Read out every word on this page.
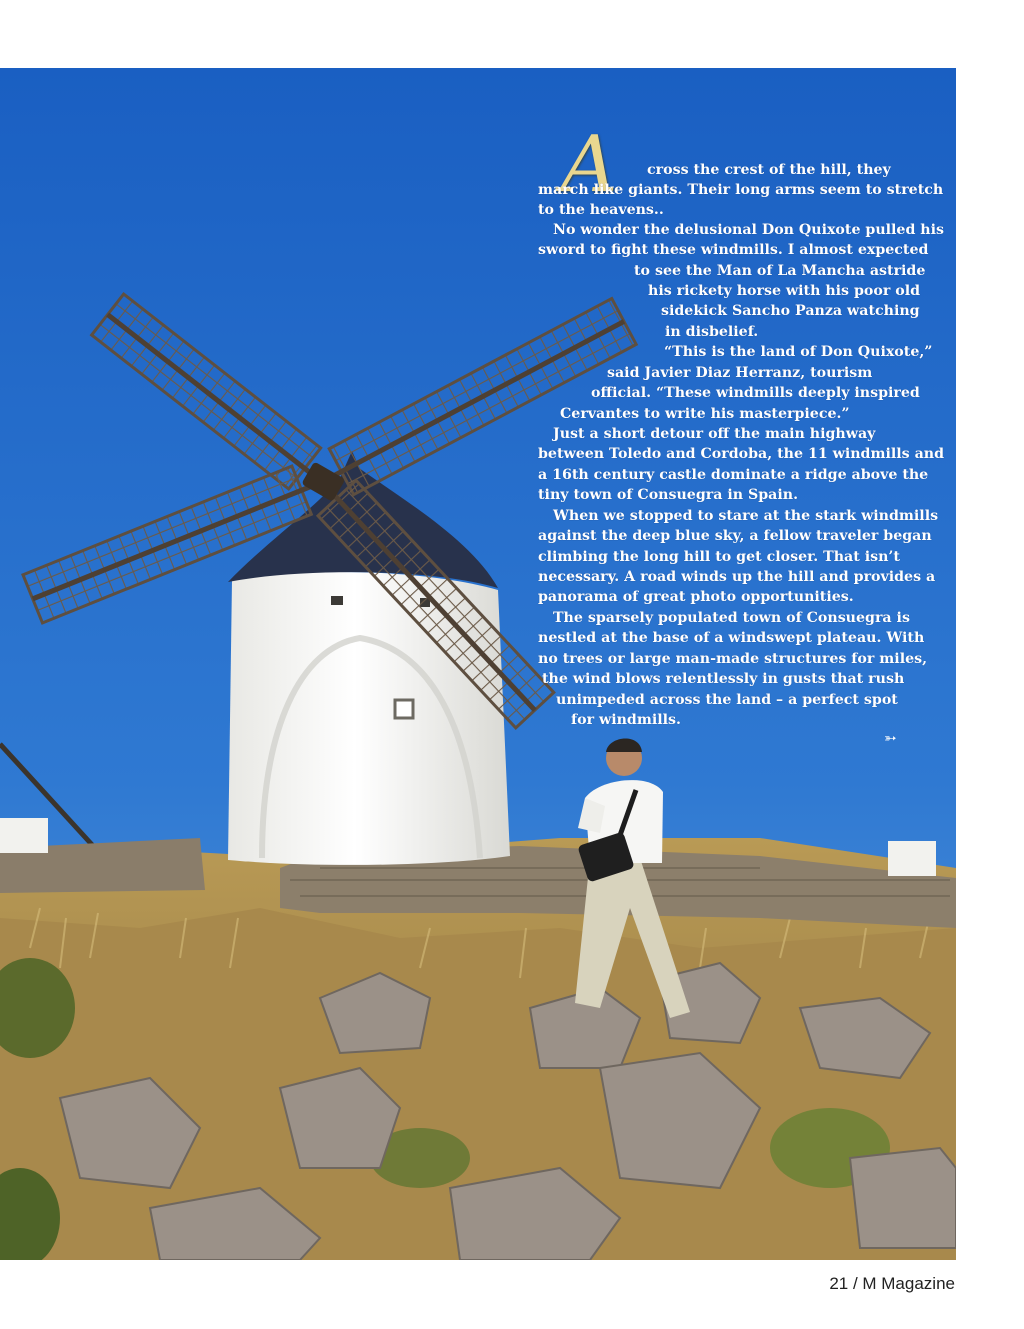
A cross the crest of the hill, they
march like giants. Their long arms seem to stretch
to the heavens..
No wonder the delusional Don Quixote pulled his
sword to fight these windmills. I almost expected
to see the Man of La Mancha astride
his rickety horse with his poor old
sidekick Sancho Panza watching
in disbelief.
“This is the land of Don Quixote,”
said Javier Diaz Herranz, tourism
official. “These windmills deeply inspired
Cervantes to write his masterpiece.”
Just a short detour off the main highway
between Toledo and Cordoba, the 11 windmills and
a 16th century castle dominate a ridge above the
tiny town of Consuegra in Spain.
When we stopped to stare at the stark windmills
against the deep blue sky, a fellow traveler began
climbing the long hill to get closer. That isn’t
necessary. A road winds up the hill and provides a
panorama of great photo opportunities.
The sparsely populated town of Consuegra is
nestled at the base of a windswept plateau. With
no trees or large man-made structures for miles,
the wind blows relentlessly in gusts that rush
unimpeded across the land – a perfect spot
for windmills.
➳
21 / M Magazine
